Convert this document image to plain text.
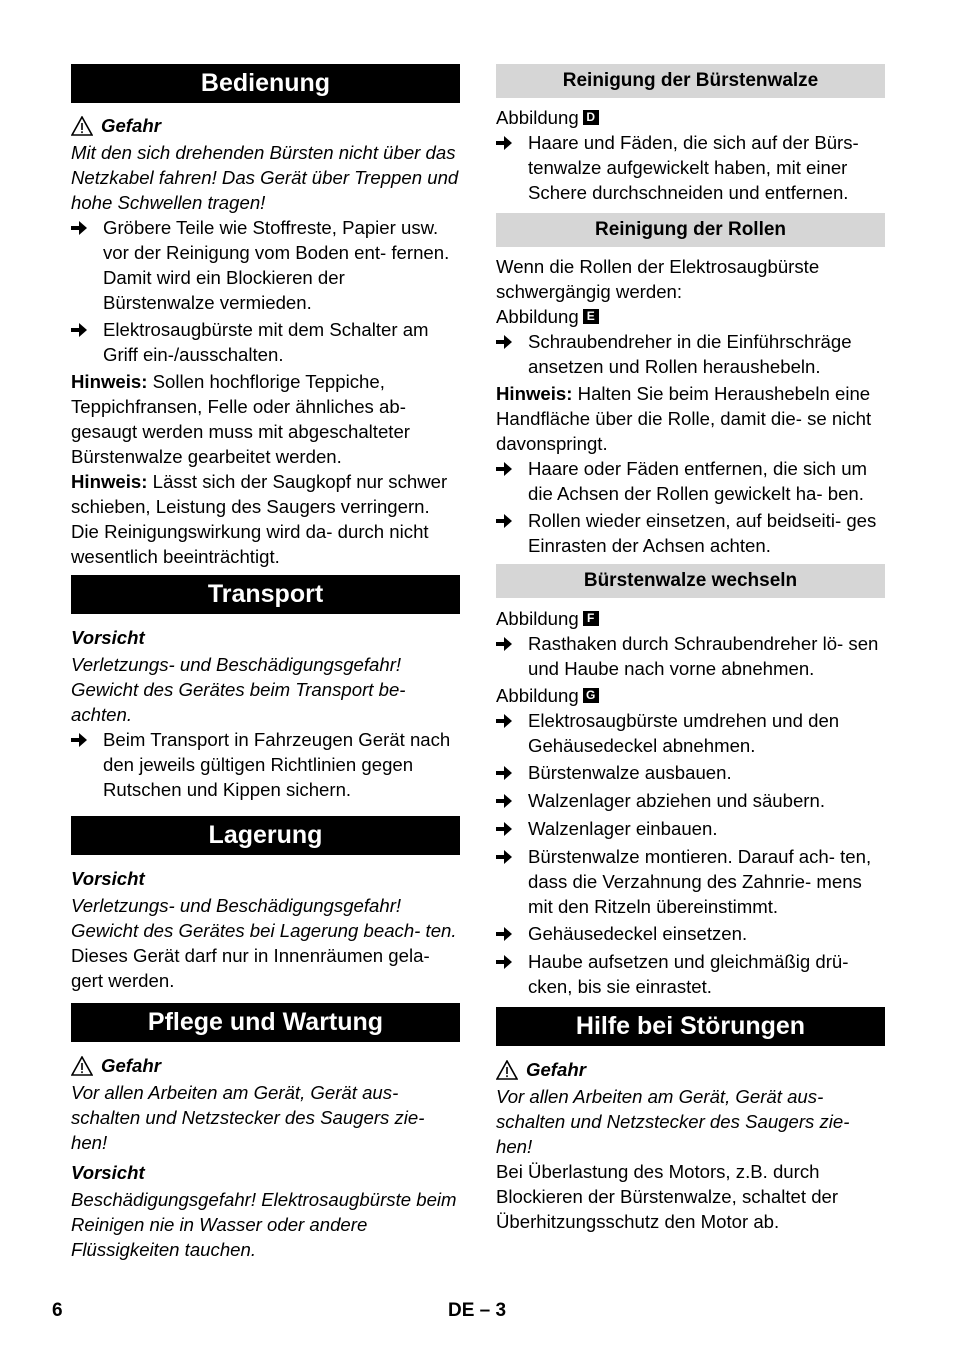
Bedienung
Gefahr

Mit den sich drehenden Bürsten nicht über das Netzkabel fahren! Das Gerät über Treppen und hohe Schwellen tragen!

Gröbere Teile wie Stoffreste, Papier usw. vor der Reinigung vom Boden ent- fernen. Damit wird ein Blockieren der Bürstenwalze vermieden.
Elektrosaugbürste mit dem Schalter am Griff ein-/ausschalten.

Hinweis: Sollen hochflorige Teppiche, Teppichfransen, Felle oder ähnliches ab- gesaugt werden muss mit abgeschalteter Bürstenwalze gearbeitet werden.

Hinweis: Lässt sich der Saugkopf nur schwer schieben, Leistung des Saugers verringern. Die Reinigungswirkung wird da- durch nicht wesentlich beeinträchtigt.

Transport
Vorsicht

Verletzungs- und Beschädigungsgefahr! Gewicht des Gerätes beim Transport be- achten.

Beim Transport in Fahrzeugen Gerät nach den jeweils gültigen Richtlinien gegen Rutschen und Kippen sichern.
Lagerung
Vorsicht

Verletzungs- und Beschädigungsgefahr! Gewicht des Gerätes bei Lagerung beach- ten.

Dieses Gerät darf nur in Innenräumen gela- gert werden.

Pflege und Wartung
Gefahr

Vor allen Arbeiten am Gerät, Gerät aus- schalten und Netzstecker des Saugers zie- hen!

Vorsicht

Beschädigungsgefahr! Elektrosaugbürste beim Reinigen nie in Wasser oder andere Flüssigkeiten tauchen.

Reinigung der Bürstenwalze
Abbildung D
Haare und Fäden, die sich auf der Bürs- tenwalze aufgewickelt haben, mit einer Schere durchschneiden und entfernen.
Reinigung der Rollen

Wenn die Rollen der Elektrosaugbürste schwergängig werden:

Abbildung E
Schraubendreher in die Einführschräge ansetzen und Rollen heraushebeln.

Hinweis: Halten Sie beim Heraushebeln eine Handfläche über die Rolle, damit die- se nicht davonspringt.

Haare oder Fäden entfernen, die sich um die Achsen der Rollen gewickelt ha- ben.
Rollen wieder einsetzen, auf beidseiti- ges Einrasten der Achsen achten.
Bürstenwalze wechseln
Abbildung F
Rasthaken durch Schraubendreher lö- sen und Haube nach vorne abnehmen.
Abbildung G
Elektrosaugbürste umdrehen und den Gehäusedeckel abnehmen.
Bürstenwalze ausbauen.
Walzenlager abziehen und säubern.
Walzenlager einbauen.
Bürstenwalze montieren. Darauf ach- ten, dass die Verzahnung des Zahnrie- mens mit den Ritzeln übereinstimmt.
Gehäusedeckel einsetzen.
Haube aufsetzen und gleichmäßig drü- cken, bis sie einrastet.
Hilfe bei Störungen
Gefahr

Vor allen Arbeiten am Gerät, Gerät aus- schalten und Netzstecker des Saugers zie- hen!

Bei Überlastung des Motors, z.B. durch Blockieren der Bürstenwalze, schaltet der Überhitzungsschutz den Motor ab.

6	DE – 3
